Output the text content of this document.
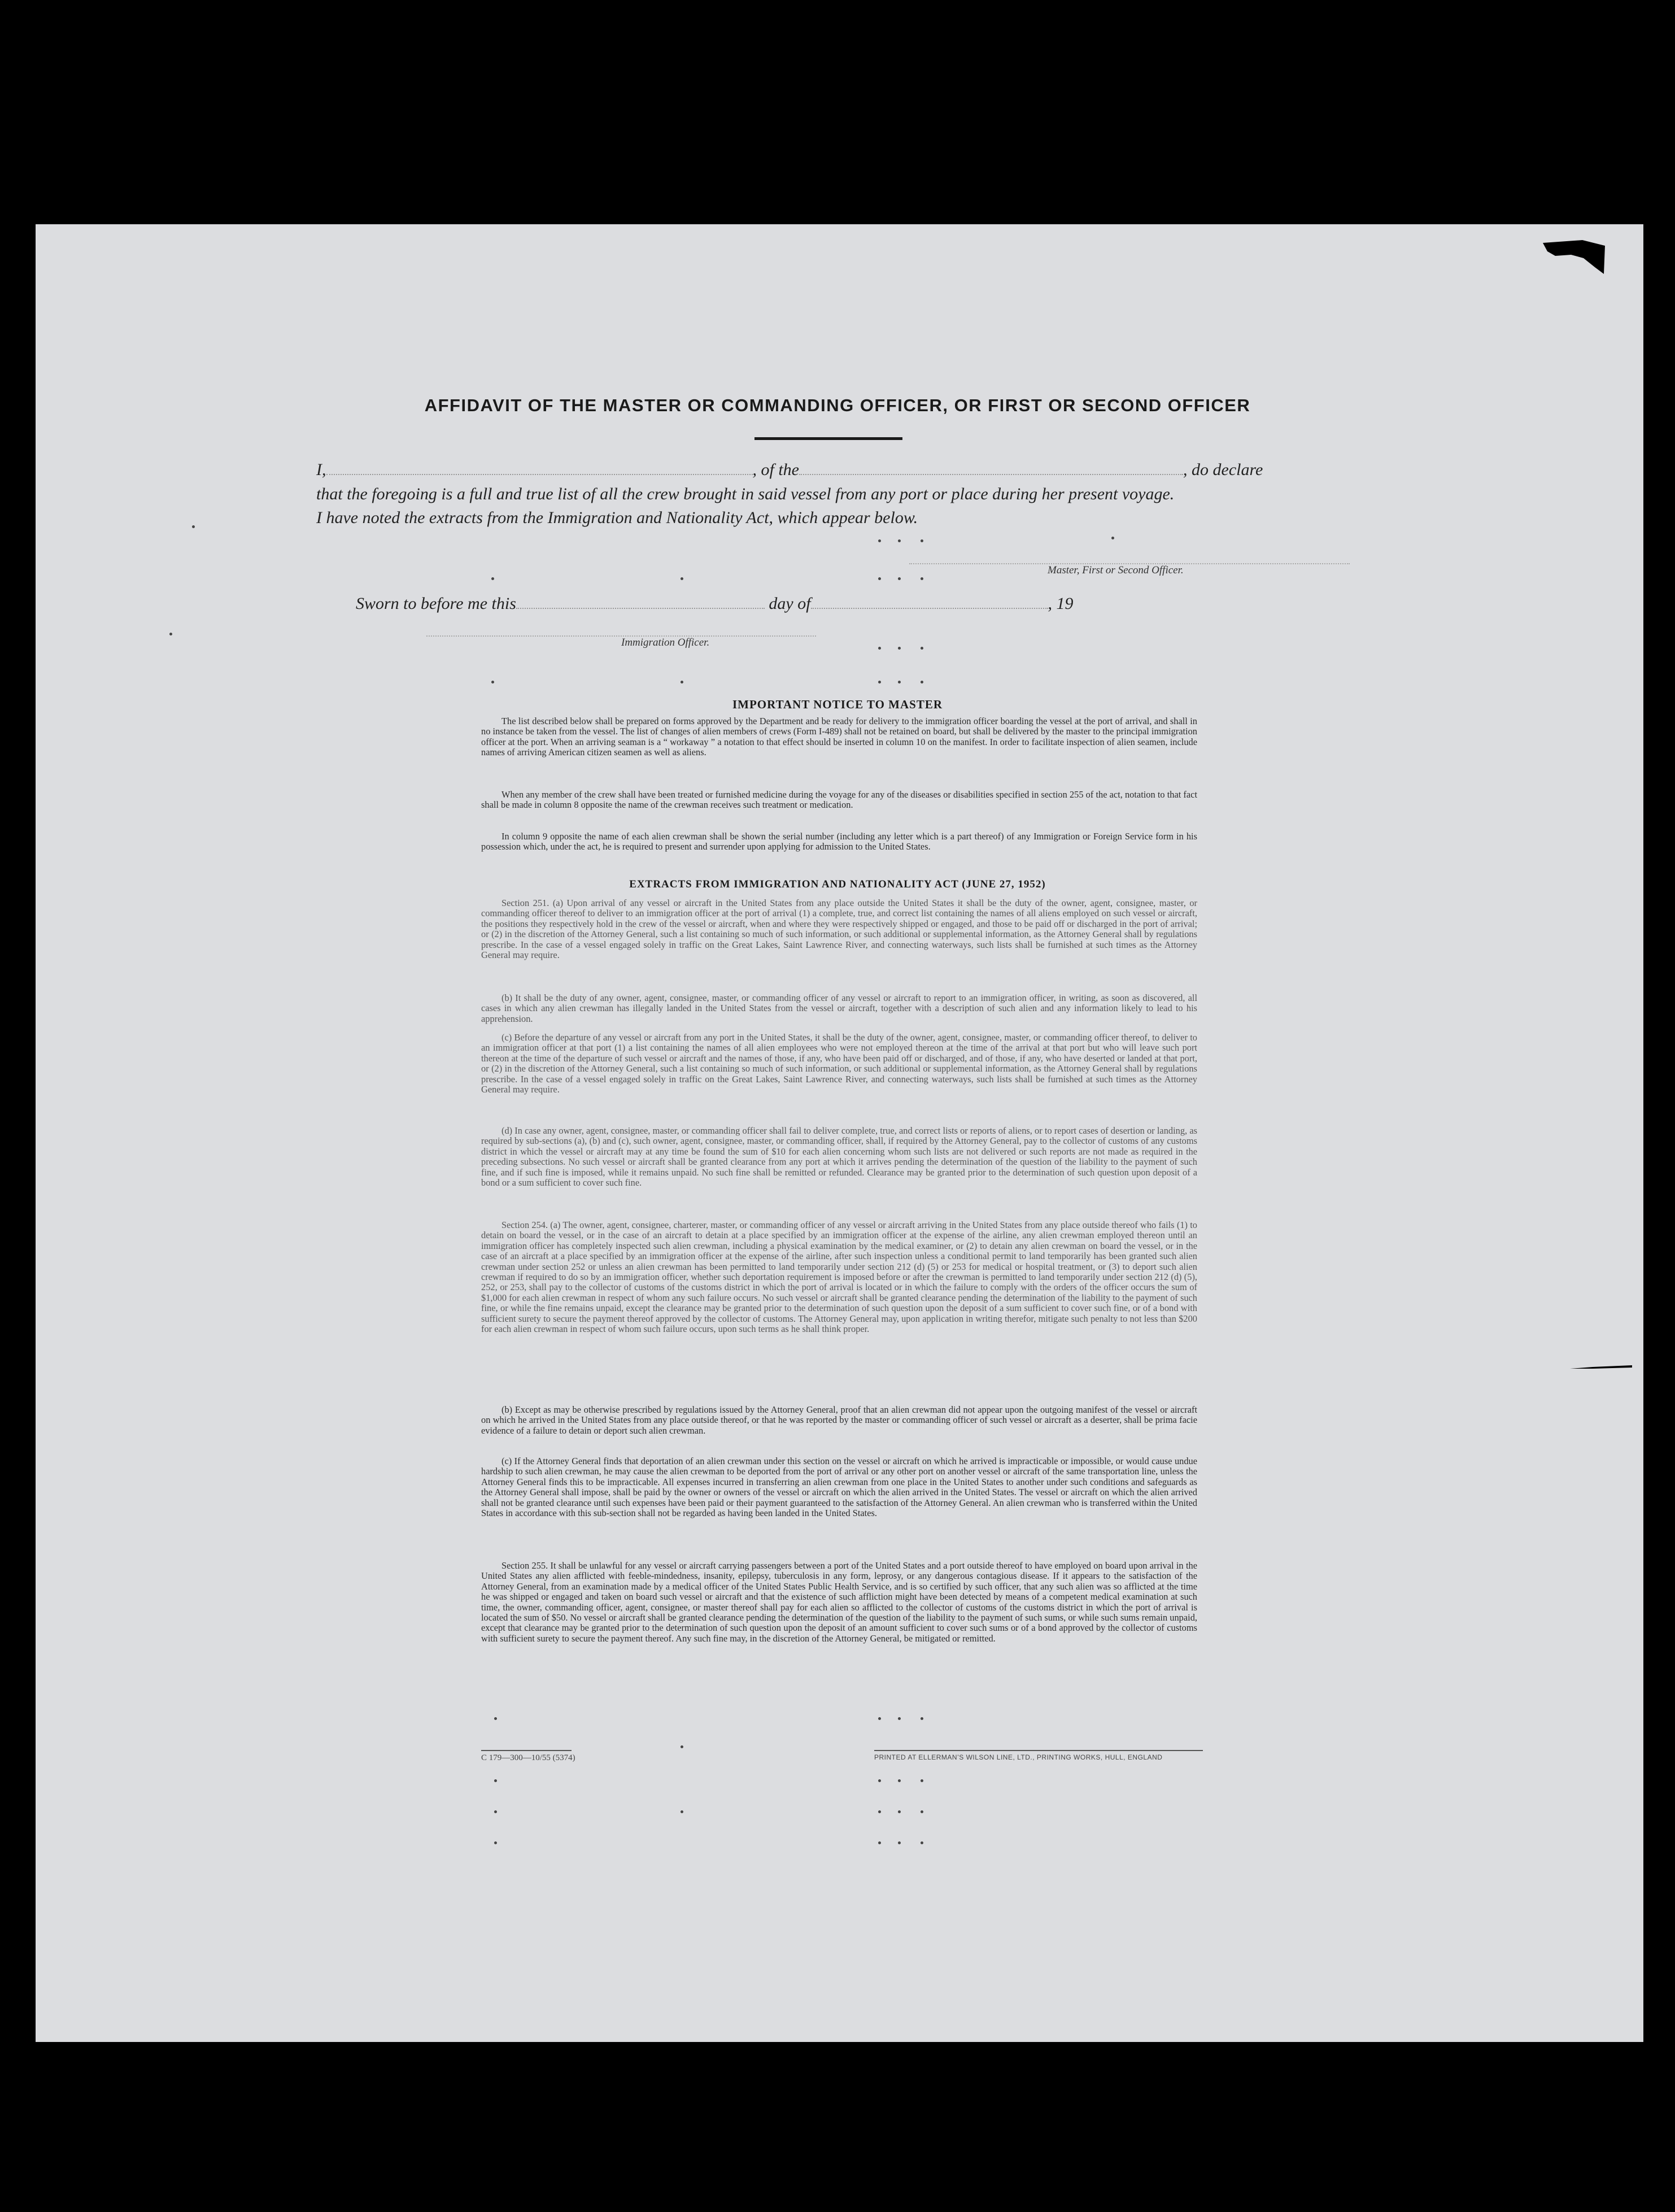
AFFIDAVIT OF THE MASTER OR COMMANDING OFFICER, OR FIRST OR SECOND OFFICER
I,	, of the	, do declare
that the foregoing is a full and true list of all the crew brought in said vessel from any port or place during her present voyage.
I have noted the extracts from the Immigration and Nationality Act, which appear below.
Master, First or Second Officer.
Sworn to before me this	day of	, 19
Immigration Officer.
IMPORTANT NOTICE TO MASTER
The list described below shall be prepared on forms approved by the Department and be ready for delivery to the immigration officer boarding the vessel at the port of arrival, and shall in no instance be taken from the vessel. The list of changes of alien members of crews (Form I-489) shall not be retained on board, but shall be delivered by the master to the principal immigration officer at the port. When an arriving seaman is a “ workaway ” a notation to that effect should be inserted in column 10 on the manifest. In order to facilitate inspection of alien seamen, include names of arriving American citizen seamen as well as aliens.
When any member of the crew shall have been treated or furnished medicine during the voyage for any of the diseases or disabilities specified in section 255 of the act, notation to that fact shall be made in column 8 opposite the name of the crewman receives such treatment or medication.
In column 9 opposite the name of each alien crewman shall be shown the serial number (including any letter which is a part thereof) of any Immigration or Foreign Service form in his possession which, under the act, he is required to present and surrender upon applying for admission to the United States.
EXTRACTS FROM IMMIGRATION AND NATIONALITY ACT (JUNE 27, 1952)
Section 251. (a) Upon arrival of any vessel or aircraft in the United States from any place outside the United States it shall be the duty of the owner, agent, consignee, master, or commanding officer thereof to deliver to an immigration officer at the port of arrival (1) a complete, true, and correct list containing the names of all aliens employed on such vessel or aircraft, the positions they respectively hold in the crew of the vessel or aircraft, when and where they were respectively shipped or engaged, and those to be paid off or discharged in the port of arrival; or (2) in the discretion of the Attorney General, such a list containing so much of such information, or such additional or supplemental information, as the Attorney General shall by regulations prescribe. In the case of a vessel engaged solely in traffic on the Great Lakes, Saint Lawrence River, and connecting waterways, such lists shall be furnished at such times as the Attorney General may require.
(b) It shall be the duty of any owner, agent, consignee, master, or commanding officer of any vessel or aircraft to report to an immigration officer, in writing, as soon as discovered, all cases in which any alien crewman has illegally landed in the United States from the vessel or aircraft, together with a description of such alien and any information likely to lead to his apprehension.
(c) Before the departure of any vessel or aircraft from any port in the United States, it shall be the duty of the owner, agent, consignee, master, or commanding officer thereof, to deliver to an immigration officer at that port (1) a list containing the names of all alien employees who were not employed thereon at the time of the arrival at that port but who will leave such port thereon at the time of the departure of such vessel or aircraft and the names of those, if any, who have been paid off or discharged, and of those, if any, who have deserted or landed at that port, or (2) in the discretion of the Attorney General, such a list containing so much of such information, or such additional or supplemental information, as the Attorney General shall by regulations prescribe. In the case of a vessel engaged solely in traffic on the Great Lakes, Saint Lawrence River, and connecting waterways, such lists shall be furnished at such times as the Attorney General may require.
(d) In case any owner, agent, consignee, master, or commanding officer shall fail to deliver complete, true, and correct lists or reports of aliens, or to report cases of desertion or landing, as required by sub-sections (a), (b) and (c), such owner, agent, consignee, master, or commanding officer, shall, if required by the Attorney General, pay to the collector of customs of any customs district in which the vessel or aircraft may at any time be found the sum of $10 for each alien concerning whom such lists are not delivered or such reports are not made as required in the preceding subsections. No such vessel or aircraft shall be granted clearance from any port at which it arrives pending the determination of the question of the liability to the payment of such fine, and if such fine is imposed, while it remains unpaid. No such fine shall be remitted or refunded. Clearance may be granted prior to the determination of such question upon deposit of a bond or a sum sufficient to cover such fine.
Section 254. (a) The owner, agent, consignee, charterer, master, or commanding officer of any vessel or aircraft arriving in the United States from any place outside thereof who fails (1) to detain on board the vessel, or in the case of an aircraft to detain at a place specified by an immigration officer at the expense of the airline, any alien crewman employed thereon until an immigration officer has completely inspected such alien crewman, including a physical examination by the medical examiner, or (2) to detain any alien crewman on board the vessel, or in the case of an aircraft at a place specified by an immigration officer at the expense of the airline, after such inspection unless a conditional permit to land temporarily has been granted such alien crewman under section 252 or unless an alien crewman has been permitted to land temporarily under section 212 (d) (5) or 253 for medical or hospital treatment, or (3) to deport such alien crewman if required to do so by an immigration officer, whether such deportation requirement is imposed before or after the crewman is permitted to land temporarily under section 212 (d) (5), 252, or 253, shall pay to the collector of customs of the customs district in which the port of arrival is located or in which the failure to comply with the orders of the officer occurs the sum of $1,000 for each alien crewman in respect of whom any such failure occurs. No such vessel or aircraft shall be granted clearance pending the determination of the liability to the payment of such fine, or while the fine remains unpaid, except the clearance may be granted prior to the determination of such question upon the deposit of a sum sufficient to cover such fine, or of a bond with sufficient surety to secure the payment thereof approved by the collector of customs. The Attorney General may, upon application in writing therefor, mitigate such penalty to not less than $200 for each alien crewman in respect of whom such failure occurs, upon such terms as he shall think proper.
(b) Except as may be otherwise prescribed by regulations issued by the Attorney General, proof that an alien crewman did not appear upon the outgoing manifest of the vessel or aircraft on which he arrived in the United States from any place outside thereof, or that he was reported by the master or commanding officer of such vessel or aircraft as a deserter, shall be prima facie evidence of a failure to detain or deport such alien crewman.
(c) If the Attorney General finds that deportation of an alien crewman under this section on the vessel or aircraft on which he arrived is impracticable or impossible, or would cause undue hardship to such alien crewman, he may cause the alien crewman to be deported from the port of arrival or any other port on another vessel or aircraft of the same transportation line, unless the Attorney General finds this to be impracticable. All expenses incurred in transferring an alien crewman from one place in the United States to another under such conditions and safeguards as the Attorney General shall impose, shall be paid by the owner or owners of the vessel or aircraft on which the alien arrived in the United States. The vessel or aircraft on which the alien arrived shall not be granted clearance until such expenses have been paid or their payment guaranteed to the satisfaction of the Attorney General. An alien crewman who is transferred within the United States in accordance with this sub-section shall not be regarded as having been landed in the United States.
Section 255. It shall be unlawful for any vessel or aircraft carrying passengers between a port of the United States and a port outside thereof to have employed on board upon arrival in the United States any alien afflicted with feeble-mindedness, insanity, epilepsy, tuberculosis in any form, leprosy, or any dangerous contagious disease. If it appears to the satisfaction of the Attorney General, from an examination made by a medical officer of the United States Public Health Service, and is so certified by such officer, that any such alien was so afflicted at the time he was shipped or engaged and taken on board such vessel or aircraft and that the existence of such affliction might have been detected by means of a competent medical examination at such time, the owner, commanding officer, agent, consignee, or master thereof shall pay for each alien so afflicted to the collector of customs of the customs district in which the port of arrival is located the sum of $50. No vessel or aircraft shall be granted clearance pending the determination of the question of the liability to the payment of such sums, or while such sums remain unpaid, except that clearance may be granted prior to the determination of such question upon the deposit of an amount sufficient to cover such sums or of a bond approved by the collector of customs with sufficient surety to secure the payment thereof. Any such fine may, in the discretion of the Attorney General, be mitigated or remitted.
C 179—300—10/55 (5374)	PRINTED AT ELLERMAN’S WILSON LINE, LTD., PRINTING WORKS, HULL, ENGLAND
